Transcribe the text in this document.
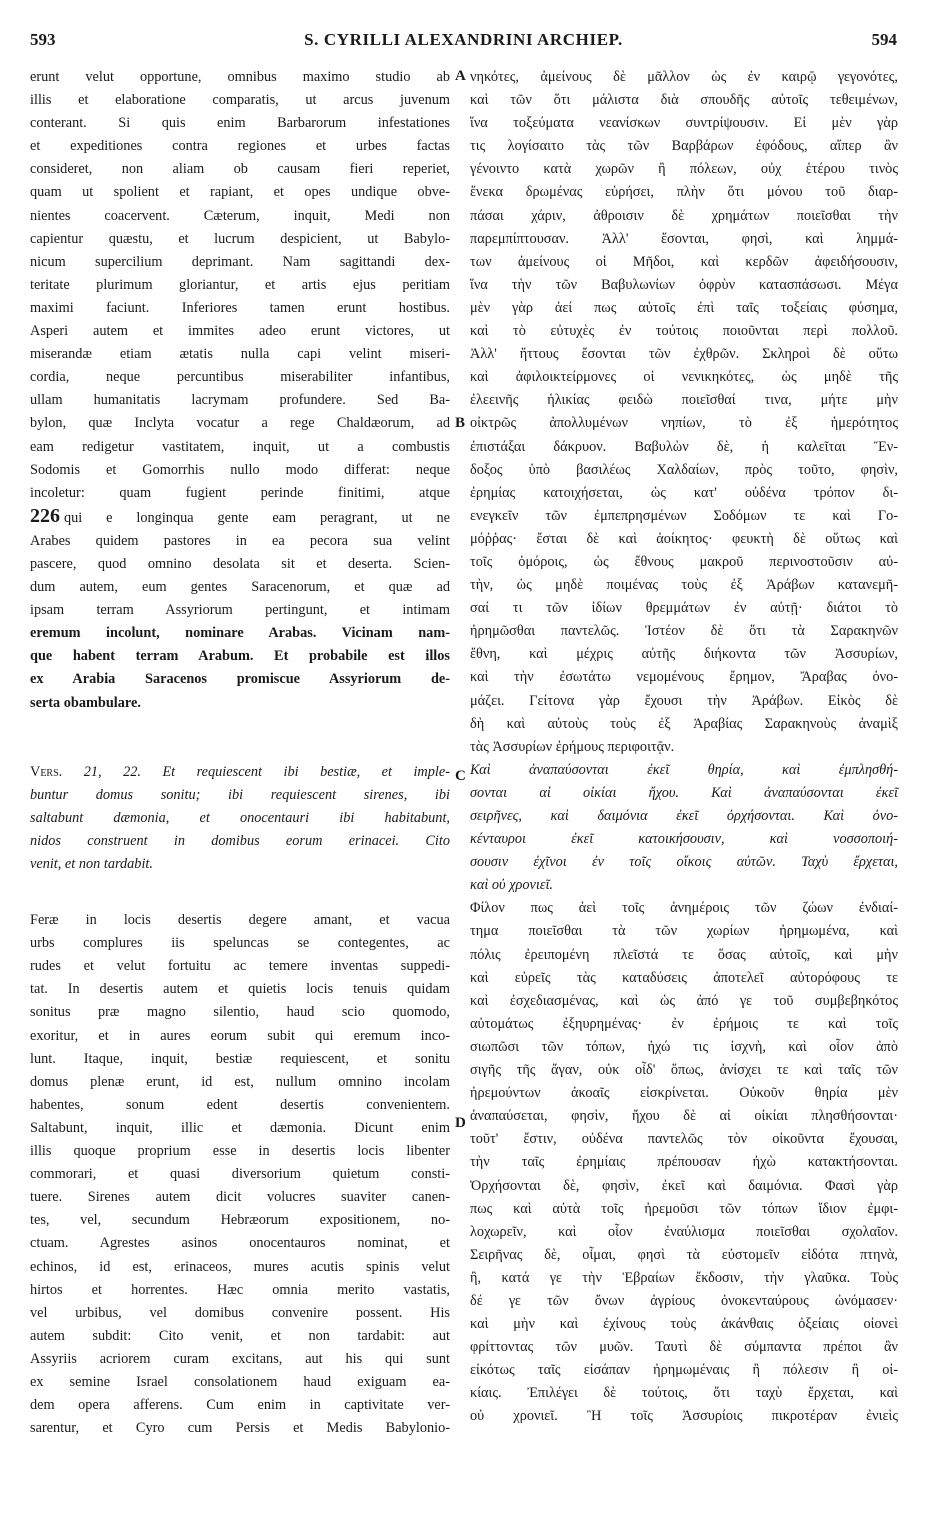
593	S. CYRILLI ALEXANDRINI ARCHIEP.	594
A
B
C
D

erunt velut opportune, omnibus maximo studio ab

illis et elaboratione comparatis, ut arcus juvenum

conterant. Si quis enim Barbarorum infestationes

et expeditiones contra regiones et urbes factas

consideret, non aliam ob causam fieri reperiet,

quam ut spolient et rapiant, et opes undique obve-

nientes coacervent. Cæterum, inquit, Medi non

capientur quæstu, et lucrum despicient, ut Babylo-

nicum supercilium deprimant. Nam sagittandi dex-

teritate plurimum gloriantur, et artis ejus peritiam

maximi faciunt. Inferiores tamen erunt hostibus.

Asperi autem et immites adeo erunt victores, ut

miserandæ etiam ætatis nulla capi velint miseri-

cordia, neque percuntibus miserabiliter infantibus,

ullam humanitatis lacrymam profundere. Sed Ba-

bylon, quæ Inclyta vocatur a rege Chaldæorum, ad

eam redigetur vastitatem, inquit, ut a combustis

Sodomis et Gomorrhis nullo modo differat: neque

incoletur: quam fugient perinde finitimi, atque

226 qui e longinqua gente eam peragrant, ut ne

Arabes quidem pastores in ea pecora sua velint

pascere, quod omnino desolata sit et deserta. Scien-

dum autem, eum gentes Saracenorum, et quæ ad

ipsam terram Assyriorum pertingunt, et intimam

eremum incolunt, nominare Arabas. Vicinam nam-

que habent terram Arabum. Et probabile est illos

ex Arabia Saracenos promiscue Assyriorum de-

serta obambulare.

Vers. 21, 22. Et requiescent ibi bestiæ, et imple-

buntur domus sonitu; ibi requiescent sirenes, ibi

saltabunt dæmonia, et onocentauri ibi habitabunt,

nidos construent in domibus eorum erinacei. Cito

venit, et non tardabit.

Feræ in locis desertis degere amant, et vacua

urbs complures iis speluncas se contegentes, ac

rudes et velut fortuitu ac temere inventas suppedi-

tat. In desertis autem et quietis locis tenuis quidam

sonitus præ magno silentio, haud scio quomodo,

exoritur, et in aures eorum subit qui eremum inco-

lunt. Itaque, inquit, bestiæ requiescent, et sonitu

domus plenæ erunt, id est, nullum omnino incolam

habentes, sonum edent desertis convenientem.

Saltabunt, inquit, illic et dæmonia. Dicunt enim

illis quoque proprium esse in desertis locis libenter

commorari, et quasi diversorium quietum consti-

tuere. Sirenes autem dicit volucres suaviter canen-

tes, vel, secundum Hebræorum expositionem, no-

ctuam. Agrestes asinos onocentauros nominat, et

echinos, id est, erinaceos, mures acutis spinis velut

hirtos et horrentes. Hæc omnia merito vastatis,

vel urbibus, vel domibus convenire possent. His

autem subdit: Cito venit, et non tardabit: aut

Assyriis acriorem curam excitans, aut his qui sunt

ex semine Israel consolationem haud exiguam ea-

dem opera afferens. Cum enim in captivitate ver-

sarentur, et Cyro cum Persis et Medis Babylonio-

νηκότες, ἀμείνους δὲ μᾶλλον ὡς ἐν καιρῷ γεγονότες,

καὶ τῶν ὅτι μάλιστα διὰ σπουδῆς αὐτοῖς τεθειμένων,

ἵνα τοξεύματα νεανίσκων συντρίψουσιν. Εἰ μὲν γὰρ

τις λογίσαιτο τὰς τῶν Βαρβάρων ἐφόδους, αἵπερ ἂν

γένοιντο κατὰ χωρῶν ἢ πόλεων, οὐχ ἑτέρου τινὸς

ἕνεκα δρωμένας εὑρήσει, πλὴν ὅτι μόνου τοῦ διαρ-

πάσαι χάριν, ἀθροισιν δὲ χρημάτων ποιεῖσθαι τὴν

παρεμπίπτουσαν. Ἀλλ' ἔσονται, φησὶ, καὶ λημμά-

των ἀμείνους οἱ Μῆδοι, καὶ κερδῶν ἀφειδήσουσιν,

ἵνα τὴν τῶν Βαβυλωνίων ὀφρὺν κατασπάσωσι. Μέγα

μὲν γὰρ ἀεί πως αὐτοῖς ἐπὶ ταῖς τοξείαις φύσημα,

καὶ τὸ εὐτυχὲς ἐν τούτοις ποιοῦνται περὶ πολλοῦ.

Ἀλλ' ἥττους ἔσονται τῶν ἐχθρῶν. Σκληροὶ δὲ οὕτω

καὶ ἀφιλοικτείρμονες οἱ νενικηκότες, ὡς μηδὲ τῆς

ἐλεεινῆς ἡλικίας φειδὼ ποιεῖσθαί τινα, μήτε μὴν

οἰκτρῶς ἀπολλυμένων νηπίων, τὸ ἐξ ἡμερότητος

ἐπιστάξαι δάκρυον. Βαβυλὼν δὲ, ἡ καλεῖται Ἔν-

δοξος ὑπὸ βασιλέως Χαλδαίων, πρὸς τοῦτο, φησὶν,

ἐρημίας κατοιχήσεται, ὡς κατ' οὐδένα τρόπον δι-

ενεγκεῖν τῶν ἐμπεπρησμένων Σοδόμων τε καὶ Γο-

μόῤῥας· ἔσται δὲ καὶ ἀοίκητος· φευκτὴ δὲ οὕτως καὶ

τοῖς ὁμόροις, ὡς ἔθνους μακροῦ περινοστοῦσιν αὐ-

τὴν, ὡς μηδὲ ποιμένας τοὺς ἐξ Ἀράβων κατανεμῆ-

σαί τι τῶν ἰδίων θρεμμάτων ἐν αὐτῇ· διάτοι τὸ

ἠρημῶσθαι παντελῶς. Ἰστέον δὲ ὅτι τὰ Σαρακηνῶν

ἔθνη, καὶ μέχρις αὐτῆς διήκοντα τῶν Ἀσσυρίων,

καὶ τὴν ἐσωτάτω νεμομένους ἔρημον, Ἄραβας ὀνο-

μάζει. Γείτονα γὰρ ἔχουσι τὴν Ἀράβων. Εἰκὸς δὲ

δὴ καὶ αὐτοὺς τοὺς ἐξ Ἀραβίας Σαρακηνοὺς ἀναμὶξ

τὰς Ἀσσυρίων ἐρήμους περιφοιτᾷν.

Καὶ ἀναπαύσονται ἐκεῖ θηρία, καὶ ἐμπλησθή-

σονται αἱ οἰκίαι ἤχου. Καὶ ἀναπαύσονται ἐκεῖ

σειρῆνες, καὶ δαιμόνια ἐκεῖ ὀρχήσονται. Καὶ ὀνο-

κένταυροι ἐκεῖ κατοικήσουσιν, καὶ νοσσοποιή-

σουσιν ἐχῖνοι ἐν τοῖς οἴκοις αὐτῶν. Ταχὺ ἔρχεται,

καὶ οὐ χρονιεῖ.

Φίλον πως ἀεὶ τοῖς ἀνημέροις τῶν ζώων ἐνδιαί-

τημα ποιεῖσθαι τὰ τῶν χωρίων ἠρημωμένα, καὶ

πόλις ἐρειπομένη πλεῖστά τε ὅσας αὐτοῖς, καὶ μὴν

καὶ εὐρεῖς τὰς καταδύσεις ἀποτελεῖ αὐτορόφους τε

καὶ ἐσχεδιασμένας, καὶ ὡς ἀπό γε τοῦ συμβεβηκότος

αὐτομάτως ἐξηυρημένας· ἐν ἐρήμοις τε καὶ τοῖς

σιωπῶσι τῶν τόπων, ἠχώ τις ἰσχνὴ, καὶ οἷον ἀπὸ

σιγῆς τῆς ἄγαν, οὐκ οἶδ' ὅπως, ἀνίσχει τε καὶ ταῖς τῶν

ἠρεμούντων ἀκοαῖς εἰσκρίνεται. Οὐκοῦν θηρία μὲν

ἀναπαύσεται, φησὶν, ἤχου δὲ αἱ οἰκίαι πλησθήσονται·

τοῦτ' ἔστιν, οὐδένα παντελῶς τὸν οἰκοῦντα ἔχουσαι,

τὴν ταῖς ἐρημίαις πρέπουσαν ἠχὼ κατακτήσονται.

Ὀρχήσονται δὲ, φησὶν, ἐκεῖ καὶ δαιμόνια. Φασὶ γὰρ

πως καὶ αὐτὰ τοῖς ἠρεμοῦσι τῶν τόπων ἴδιον ἐμφι-

λοχωρεῖν, καὶ οἷον ἐναύλισμα ποιεῖσθαι σχολαῖον.

Σειρῆνας δὲ, οἶμαι, φησὶ τὰ εὐστομεῖν εἰδότα πτηνὰ,

ἢ, κατά γε τὴν Ἑβραίων ἔκδοσιν, τὴν γλαῦκα. Τοὺς

δέ γε τῶν ὄνων ἀγρίους ὀνοκενταύρους ὠνόμασεν·

καὶ μὴν καὶ ἐχίνους τοὺς ἀκάνθαις ὀξείαις οἱονεὶ

φρίττοντας τῶν μυῶν. Ταυτὶ δὲ σύμπαντα πρέποι ἂν

εἰκότως ταῖς εἰσάπαν ἠρημωμέναις ἢ πόλεσιν ἢ οἰ-

κίαις. Ἐπιλέγει δὲ τούτοις, ὅτι ταχὺ ἔρχεται, καὶ

οὐ χρονιεῖ. Ἢ τοῖς Ἀσσυρίοις πικροτέραν ἐνιεὶς
